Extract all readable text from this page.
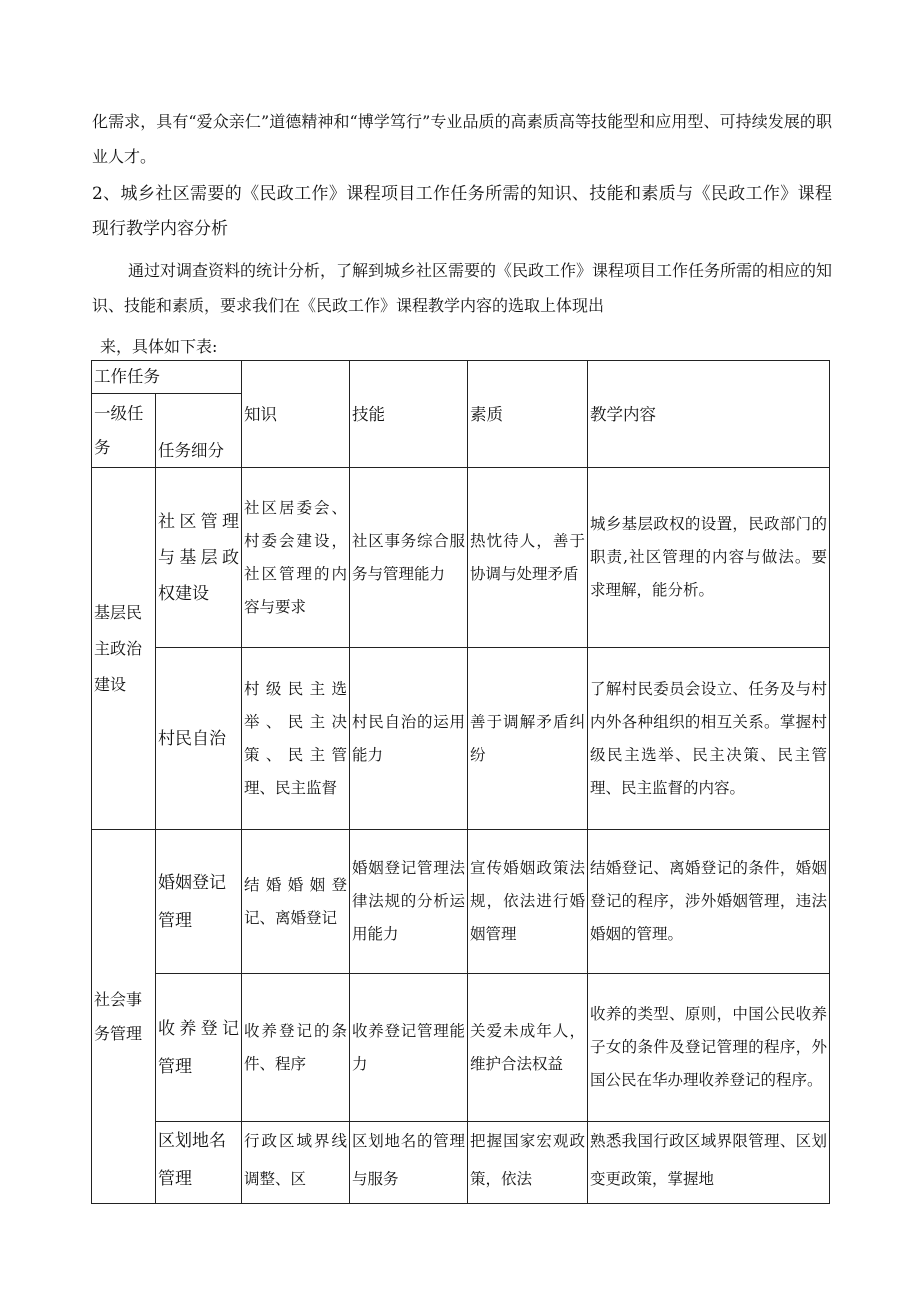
化需求，具有“爱众亲仁”道德精神和“博学笃行”专业品质的高素质高等技能型和应用型、可持续发展的职业人才。

2、城乡社区需要的《民政工作》课程项目工作任务所需的知识、技能和素质与《民政工作》课程现行教学内容分析

通过对调查资料的统计分析，了解到城乡社区需要的《民政工作》课程项目工作任务所需的相应的知识、技能和素质，要求我们在《民政工作》课程教学内容的选取上体现出

来，具体如下表:

工作任务		知识	技能	素质	教学内容
一级任务	任务细分				
基层民主政治建设	社区管理与基层政权建设	社区居委会、村委会建设，社区管理的内容与要求	社区事务综合服务与管理能力	热忱待人，善于协调与处理矛盾	城乡基层政权的设置，民政部门的职责,社区管理的内容与做法。要求理解，能分析。
	村民自治	村级民主选举、民主决策、民主管理、民主监督	村民自治的运用能力	善于调解矛盾纠纷	了解村民委员会设立、任务及与村内外各种组织的相互关系。掌握村级民主选举、民主决策、民主管理、民主监督的内容。
社会事务管理	婚姻登记管理	结婚婚姻登记、离婚登记	婚姻登记管理法律法规的分析运用能力	宣传婚姻政策法规，依法进行婚姻管理	结婚登记、离婚登记的条件，婚姻登记的程序，涉外婚姻管理，违法婚姻的管理。
	收养登记管理	收养登记的条件、程序	收养登记管理能力	关爱未成年人，维护合法权益	收养的类型、原则，中国公民收养子女的条件及登记管理的程序，外国公民在华办理收养登记的程序。
	区划地名管理	行政区域界线调整、区	区划地名的管理与服务	把握国家宏观政策，依法	熟悉我国行政区域界限管理、区划变更政策，掌握地
